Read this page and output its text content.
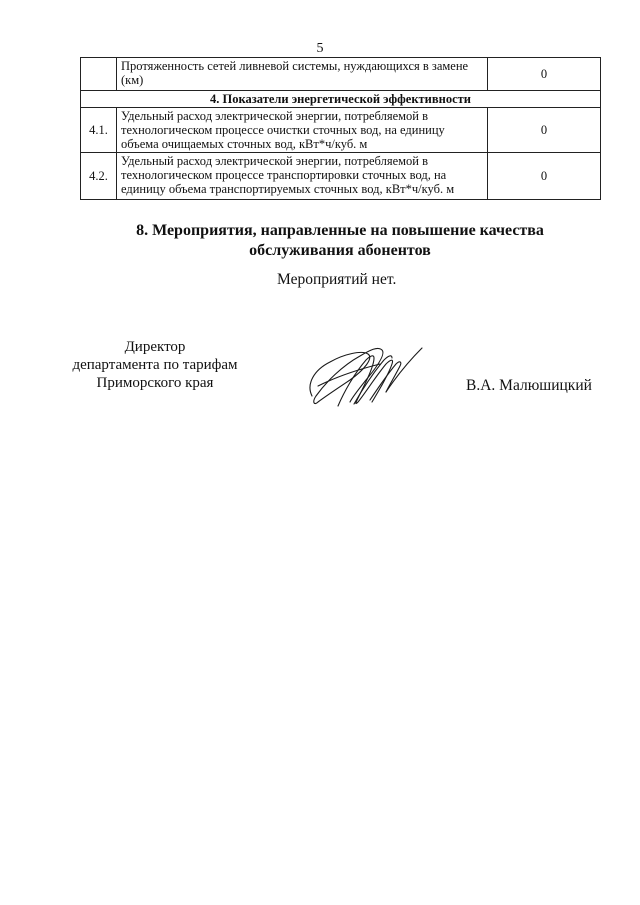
5
	Протяженность сетей ливневой системы, нуждающихся в замене (км)	0
4. Показатели энергетической эффективности		
4.1.	Удельный расход электрической энергии, потребляемой в технологическом процессе очистки сточных вод, на единицу объема очищаемых сточных вод, кВт*ч/куб. м	0
4.2.	Удельный расход электрической энергии, потребляемой в технологическом процессе транспортировки сточных вод, на единицу объема транспортируемых сточных вод, кВт*ч/куб. м	0
8. Мероприятия, направленные на повышение качества
обслуживания абонентов
Мероприятий нет.
Директор
департамента по тарифам
Приморского края	В.А. Малюшицкий
